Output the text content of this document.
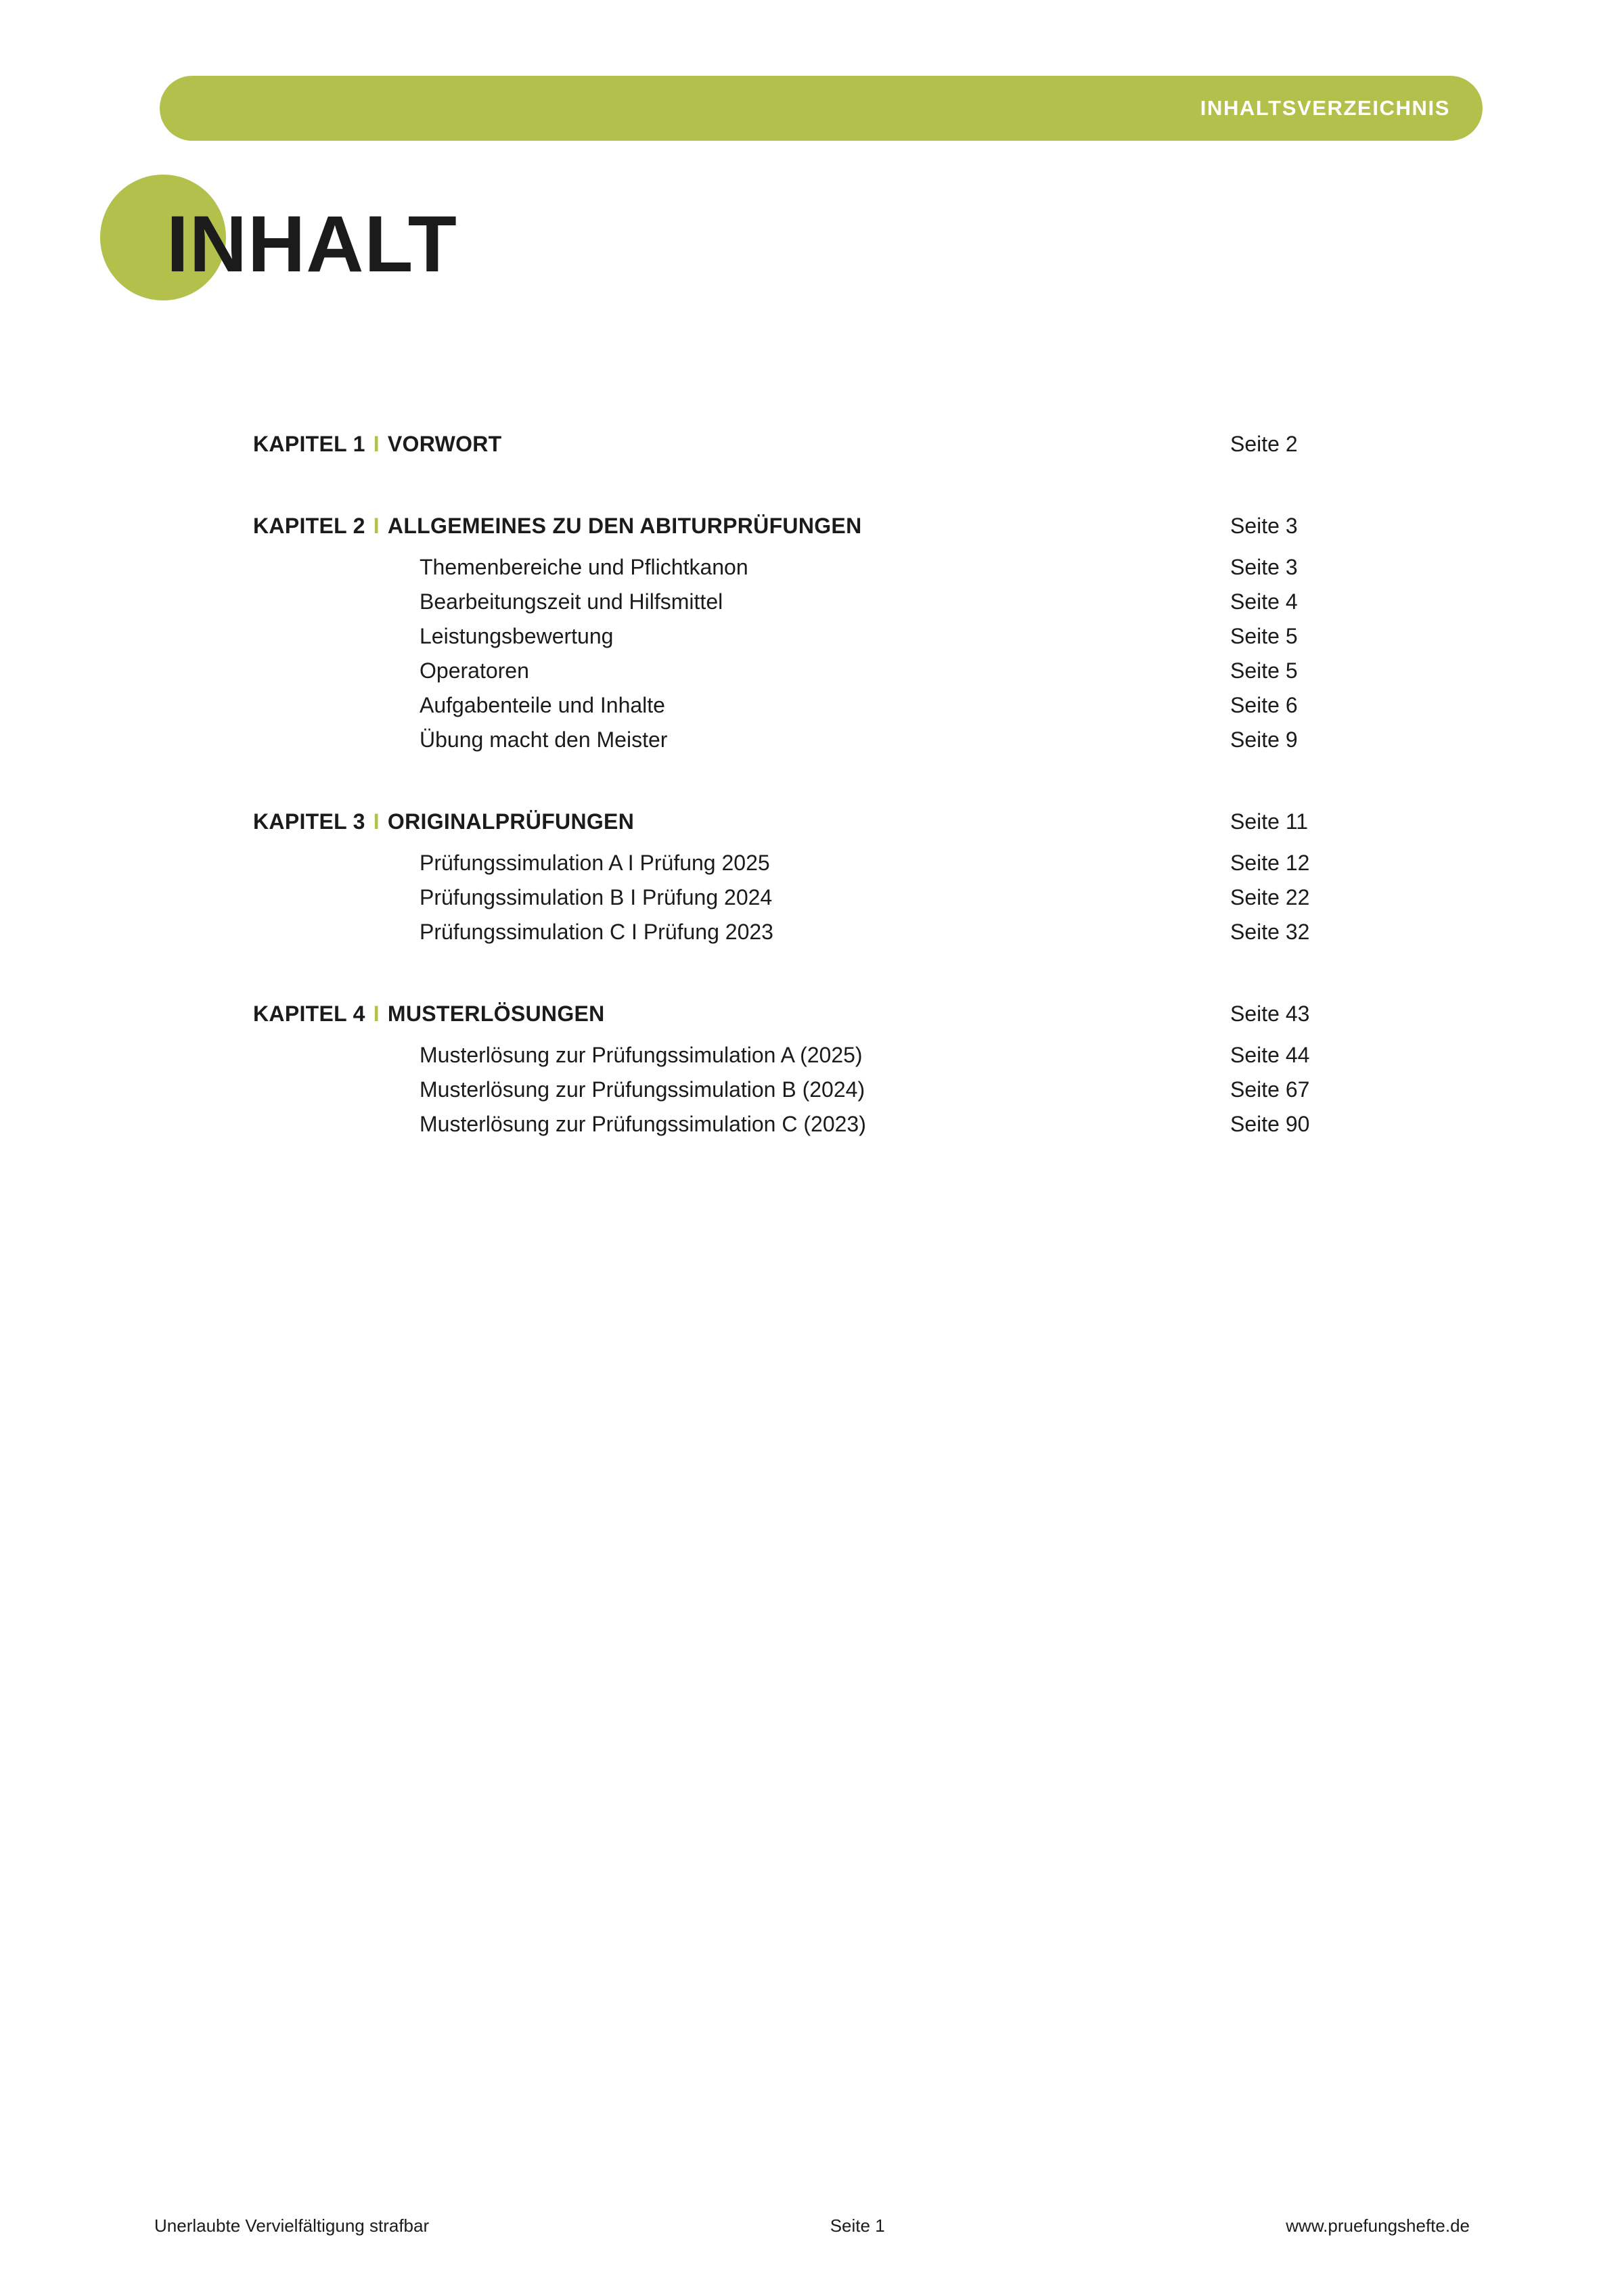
INHALTSVERZEICHNIS
INHALT
KAPITEL 1 I VORWORT	Seite 2
KAPITEL 2 I ALLGEMEINES ZU DEN ABITURPRÜFUNGEN	Seite 3
Themenbereiche und Pflichtkanon	Seite 3
Bearbeitungszeit und Hilfsmittel	Seite 4
Leistungsbewertung	Seite 5
Operatoren	Seite 5
Aufgabenteile und Inhalte	Seite 6
Übung macht den Meister	Seite 9
KAPITEL 3 I ORIGINALPRÜFUNGEN	Seite 11
Prüfungssimulation A I Prüfung 2025	Seite 12
Prüfungssimulation B I Prüfung 2024	Seite 22
Prüfungssimulation C I Prüfung 2023	Seite 32
KAPITEL 4 I MUSTERLÖSUNGEN	Seite 43
Musterlösung zur Prüfungssimulation A (2025)	Seite 44
Musterlösung zur Prüfungssimulation B (2024)	Seite 67
Musterlösung zur Prüfungssimulation C (2023)	Seite 90
Unerlaubte Vervielfältigung strafbar	Seite 1	www.pruefungshefte.de
